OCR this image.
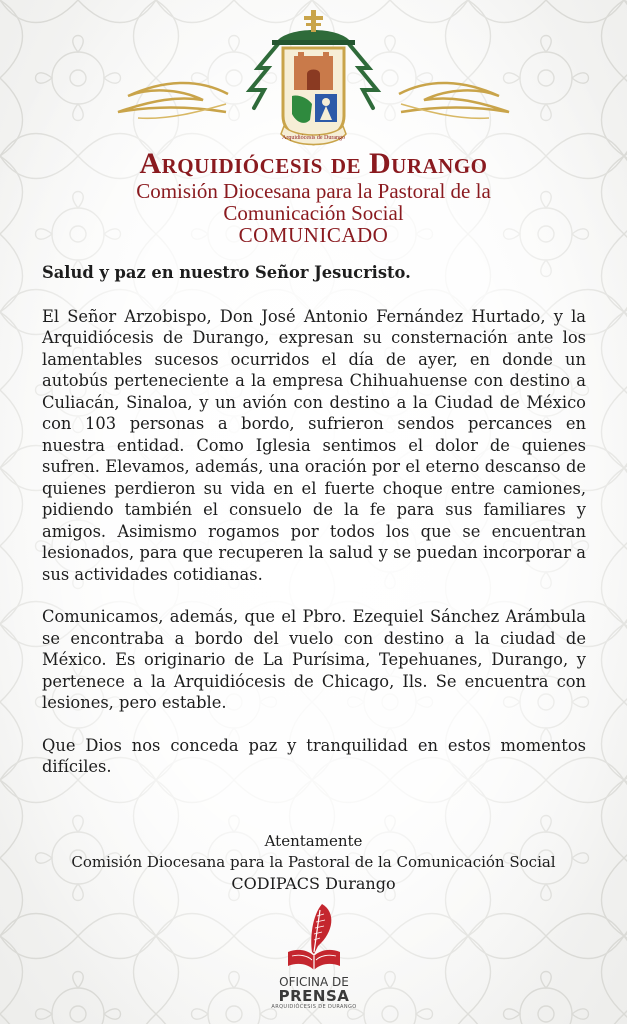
Arquidiócesis de Durango
Arquidiócesis de Durango
Comisión Diocesana para la Pastoral de la Comunicación Social
COMUNICADO

Salud y paz en nuestro Señor Jesucristo.

El Señor Arzobispo, Don José Antonio Fernández Hurtado, y la Arquidiócesis de Durango, expresan su consternación ante los lamentables sucesos ocurridos el día de ayer, en donde un autobús perteneciente a la empresa Chihuahuense con destino a Culiacán, Sinaloa, y un avión con destino a la Ciudad de México con 103 personas a bordo, sufrieron sendos percances en nuestra entidad. Como Iglesia sentimos el dolor de quienes sufren. Elevamos, además, una oración por el eterno descanso de quienes perdieron su vida en el fuerte choque entre camiones, pidiendo también el consuelo de la fe para sus familiares y amigos. Asimismo rogamos por todos los que se encuentran lesionados, para que recuperen la salud y se puedan incorporar a sus actividades cotidianas.

Comunicamos, además, que el Pbro. Ezequiel Sánchez Arámbula se encontraba a bordo del vuelo con destino a la ciudad de México. Es originario de La Purísima, Tepehuanes, Durango, y pertenece a la Arquidiócesis de Chicago, Ils. Se encuentra con lesiones, pero estable.

Que Dios nos conceda paz y tranquilidad en estos momentos difíciles.

Atentamente
Comisión Diocesana para la Pastoral de la Comunicación Social
CODIPACS Durango
OFICINA DE
PRENSA
ARQUIDIÓCESIS DE DURANGO
